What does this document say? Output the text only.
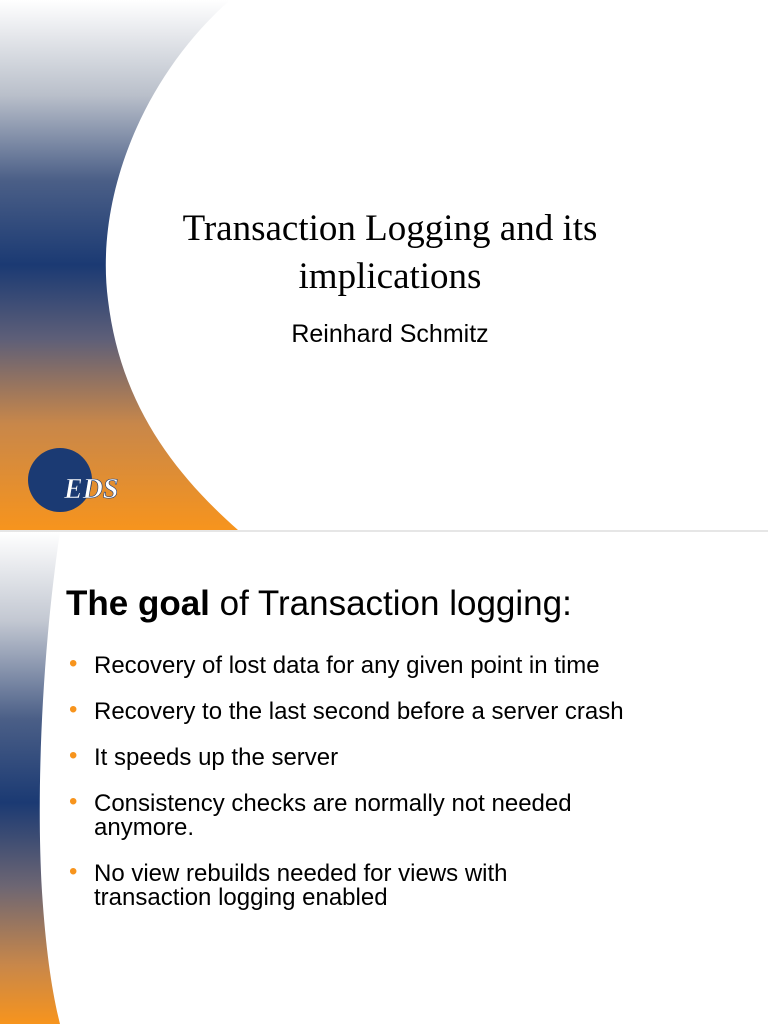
Transaction Logging and its
implications
Reinhard Schmitz
EDS
The goal of Transaction logging:
• Recovery of lost data for any given point in time
• Recovery to the last second before a server crash
• It speeds up the server
• Consistency checks are normally not needed anymore.
• No view rebuilds needed for views with transaction logging enabled
